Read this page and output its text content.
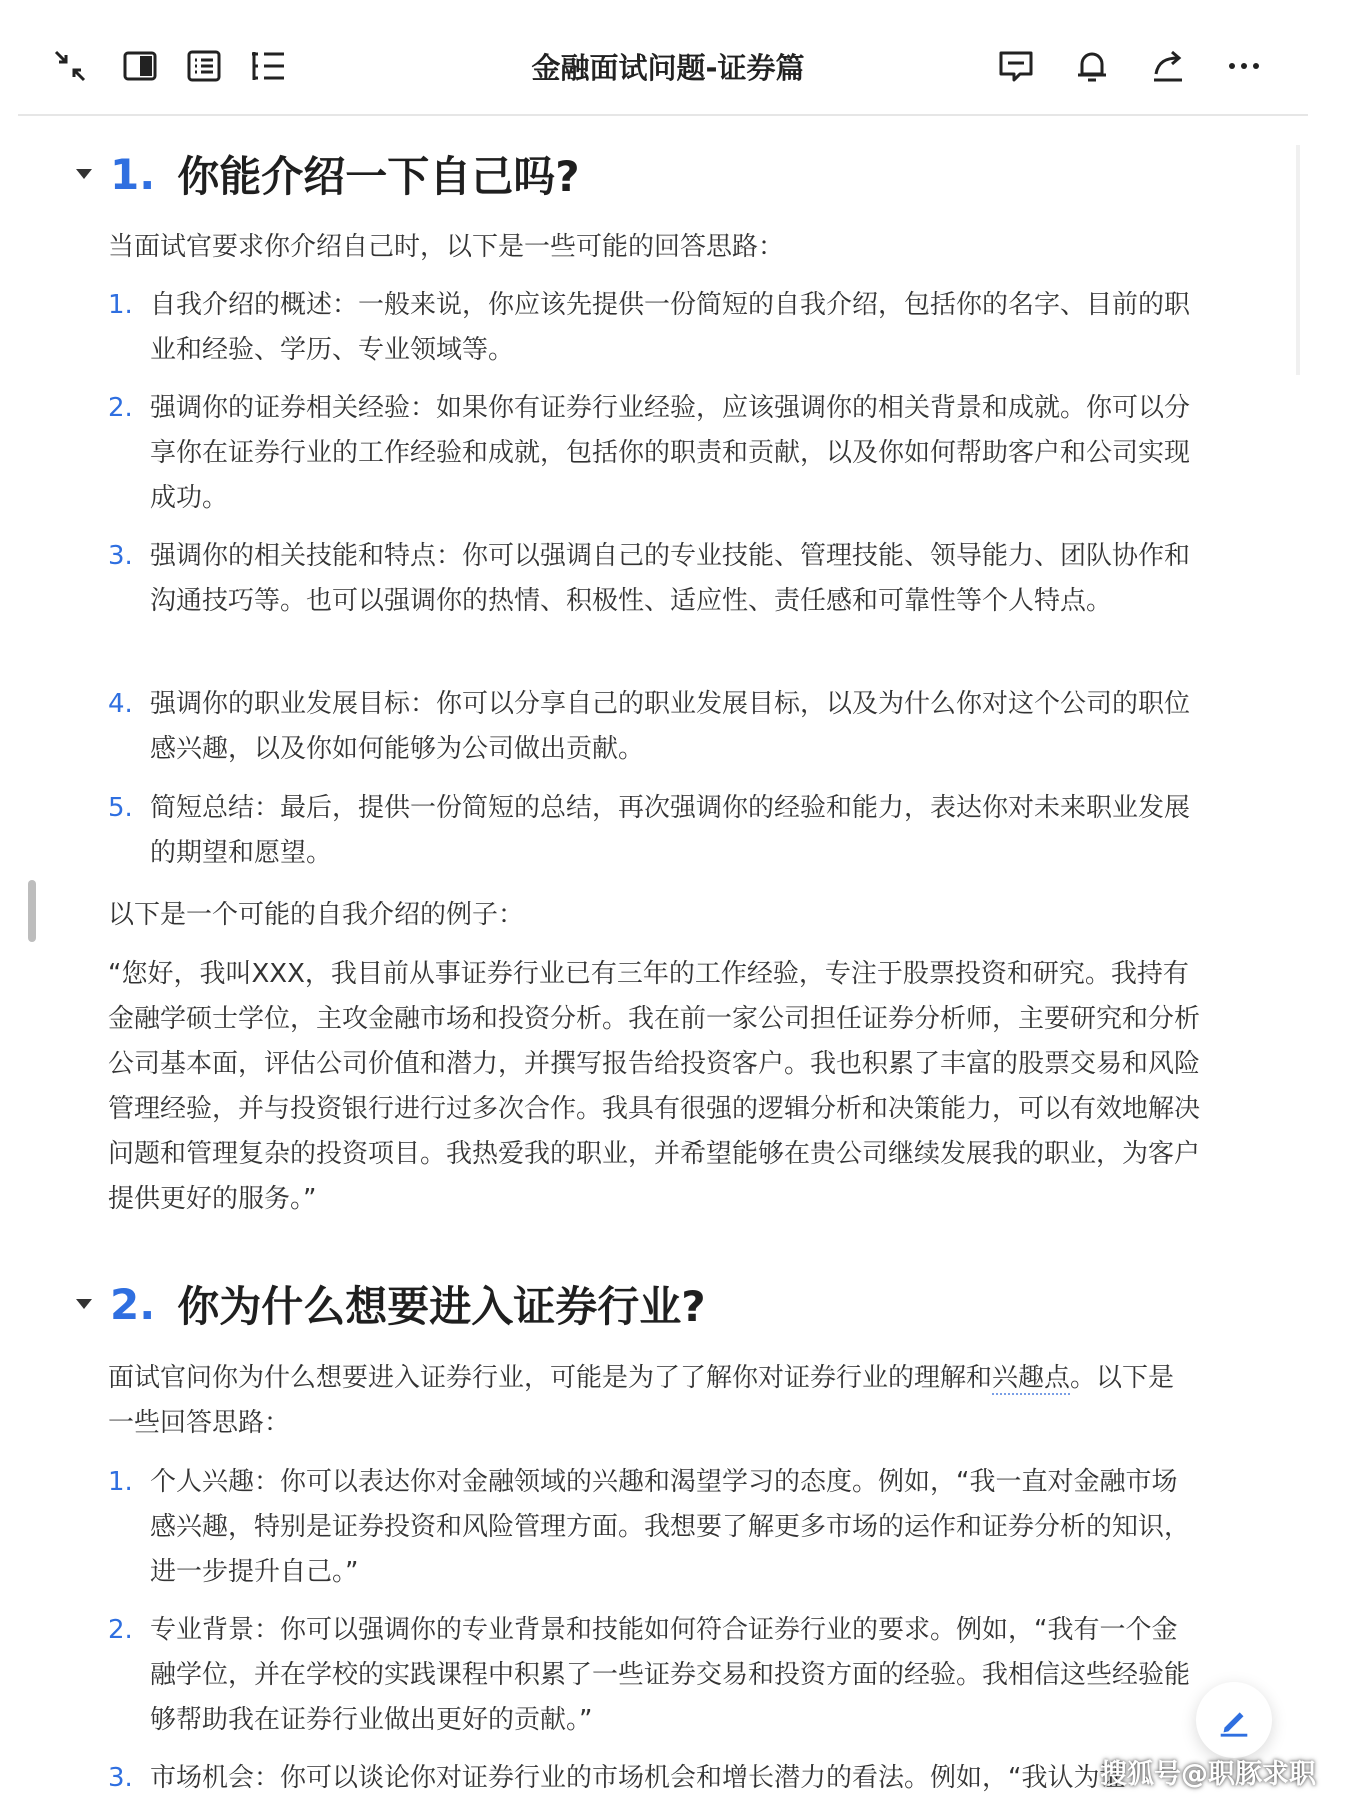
金融面试问题-证券篇
1. 你能介绍一下自己吗?
当面试官要求你介绍自己时，以下是一些可能的回答思路：
1. 自我介绍的概述：一般来说，你应该先提供一份简短的自我介绍，包括你的名字、目前的职业和经验、学历、专业领域等。
2. 强调你的证券相关经验：如果你有证券行业经验，应该强调你的相关背景和成就。你可以分享你在证券行业的工作经验和成就，包括你的职责和贡献，以及你如何帮助客户和公司实现成功。
3. 强调你的相关技能和特点：你可以强调自己的专业技能、管理技能、领导能力、团队协作和沟通技巧等。也可以强调你的热情、积极性、适应性、责任感和可靠性等个人特点。
4. 强调你的职业发展目标：你可以分享自己的职业发展目标，以及为什么你对这个公司的职位感兴趣，以及你如何能够为公司做出贡献。
5. 简短总结：最后，提供一份简短的总结，再次强调你的经验和能力，表达你对未来职业发展的期望和愿望。
以下是一个可能的自我介绍的例子：
“您好，我叫XXX，我目前从事证券行业已有三年的工作经验，专注于股票投资和研究。我持有金融学硕士学位，主攻金融市场和投资分析。我在前一家公司担任证券分析师，主要研究和分析公司基本面，评估公司价值和潜力，并撰写报告给投资客户。我也积累了丰富的股票交易和风险管理经验，并与投资银行进行过多次合作。我具有很强的逻辑分析和决策能力，可以有效地解决问题和管理复杂的投资项目。我热爱我的职业，并希望能够在贵公司继续发展我的职业，为客户提供更好的服务。”
2. 你为什么想要进入证券行业?
面试官问你为什么想要进入证券行业，可能是为了了解你对证券行业的理解和兴趣点。以下是一些回答思路：
1. 个人兴趣：你可以表达你对金融领域的兴趣和渴望学习的态度。例如，“我一直对金融市场感兴趣，特别是证券投资和风险管理方面。我想要了解更多市场的运作和证券分析的知识，进一步提升自己。”
2. 专业背景：你可以强调你的专业背景和技能如何符合证券行业的要求。例如，“我有一个金融学位，并在学校的实践课程中积累了一些证券交易和投资方面的经验。我相信这些经验能够帮助我在证券行业做出更好的贡献。”
3. 市场机会：你可以谈论你对证券行业的市场机会和增长潜力的看法。例如，“我认为证
搜狐号@职豚求职
